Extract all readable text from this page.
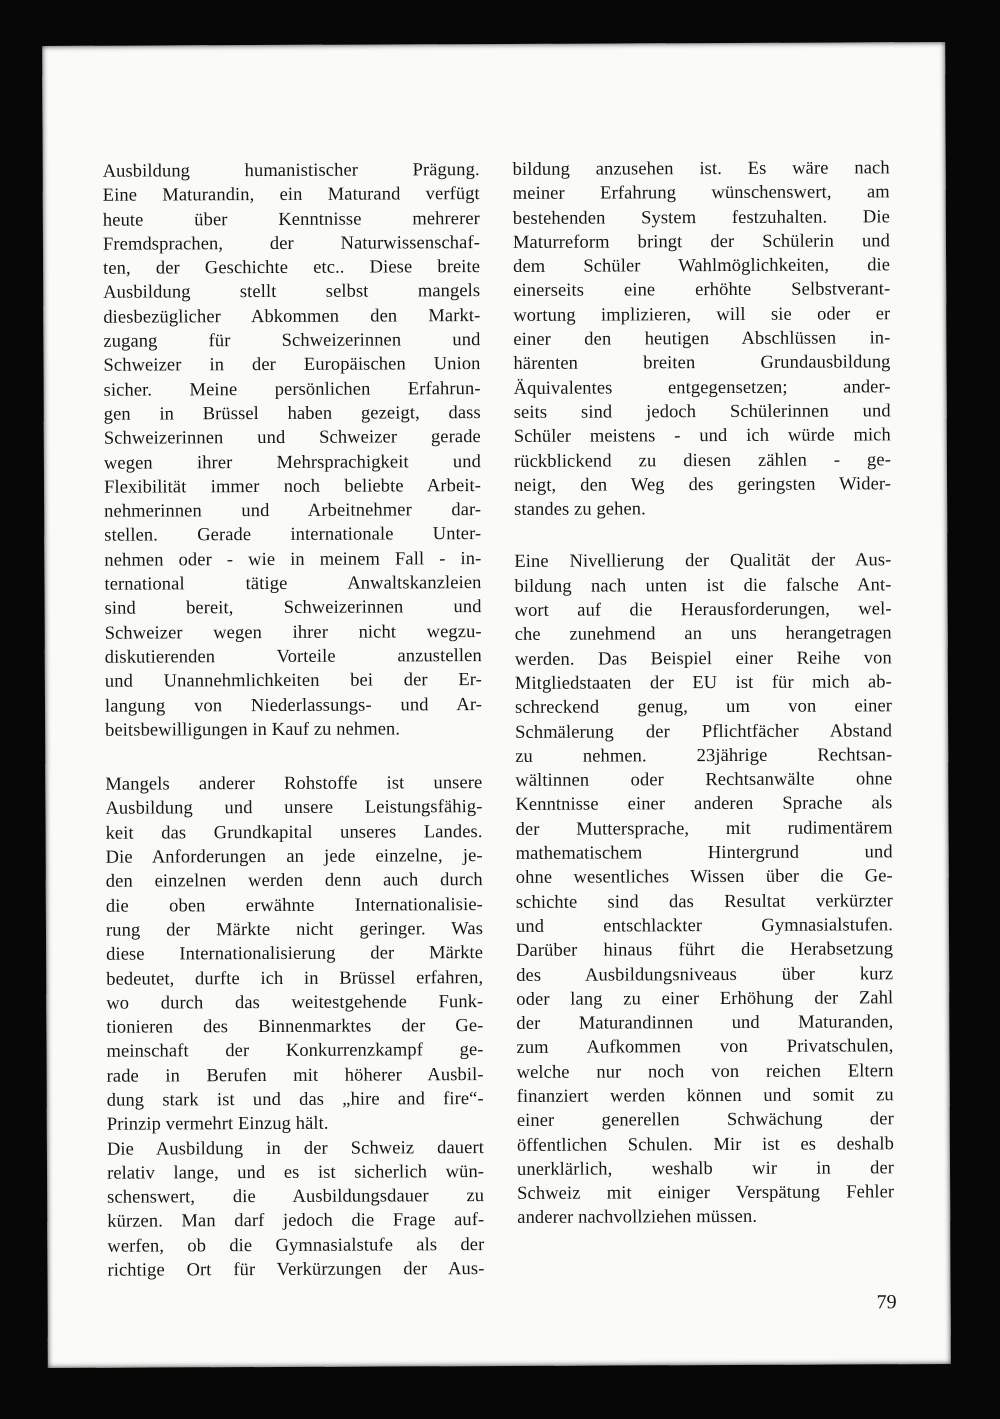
Ausbildung humanistischer Prägung.
Eine Maturandin, ein Maturand verfügt
heute über Kenntnisse mehrerer
Fremdsprachen, der Naturwissenschaf-
ten, der Geschichte etc.. Diese breite
Ausbildung stellt selbst mangels
diesbezüglicher Abkommen den Markt-
zugang für Schweizerinnen und
Schweizer in der Europäischen Union
sicher. Meine persönlichen Erfahrun-
gen in Brüssel haben gezeigt, dass
Schweizerinnen und Schweizer gerade
wegen ihrer Mehrsprachigkeit und
Flexibilität immer noch beliebte Arbeit-
nehmerinnen und Arbeitnehmer dar-
stellen. Gerade internationale Unter-
nehmen oder - wie in meinem Fall - in-
ternational tätige Anwaltskanzleien
sind bereit, Schweizerinnen und
Schweizer wegen ihrer nicht wegzu-
diskutierenden Vorteile anzustellen
und Unannehmlichkeiten bei der Er-
langung von Niederlassungs- und Ar-
beitsbewilligungen in Kauf zu nehmen.
Mangels anderer Rohstoffe ist unsere
Ausbildung und unsere Leistungsfähig-
keit das Grundkapital unseres Landes.
Die Anforderungen an jede einzelne, je-
den einzelnen werden denn auch durch
die oben erwähnte Internationalisie-
rung der Märkte nicht geringer. Was
diese Internationalisierung der Märkte
bedeutet, durfte ich in Brüssel erfahren,
wo durch das weitestgehende Funk-
tionieren des Binnenmarktes der Ge-
meinschaft der Konkurrenzkampf ge-
rade in Berufen mit höherer Ausbil-
dung stark ist und das „hire and fire“-
Prinzip vermehrt Einzug hält.
Die Ausbildung in der Schweiz dauert
relativ lange, und es ist sicherlich wün-
schenswert, die Ausbildungsdauer zu
kürzen. Man darf jedoch die Frage auf-
werfen, ob die Gymnasialstufe als der
richtige Ort für Verkürzungen der Aus-
bildung anzusehen ist. Es wäre nach
meiner Erfahrung wünschenswert, am
bestehenden System festzuhalten. Die
Maturreform bringt der Schülerin und
dem Schüler Wahlmöglichkeiten, die
einerseits eine erhöhte Selbstverant-
wortung implizieren, will sie oder er
einer den heutigen Abschlüssen in-
härenten breiten Grundausbildung
Äquivalentes entgegensetzen; ander-
seits sind jedoch Schülerinnen und
Schüler meistens - und ich würde mich
rückblickend zu diesen zählen - ge-
neigt, den Weg des geringsten Wider-
standes zu gehen.
Eine Nivellierung der Qualität der Aus-
bildung nach unten ist die falsche Ant-
wort auf die Herausforderungen, wel-
che zunehmend an uns herangetragen
werden. Das Beispiel einer Reihe von
Mitgliedstaaten der EU ist für mich ab-
schreckend genug, um von einer
Schmälerung der Pflichtfächer Abstand
zu nehmen. 23jährige Rechtsan-
wältinnen oder Rechtsanwälte ohne
Kenntnisse einer anderen Sprache als
der Muttersprache, mit rudimentärem
mathematischem Hintergrund und
ohne wesentliches Wissen über die Ge-
schichte sind das Resultat verkürzter
und entschlackter Gymnasialstufen.
Darüber hinaus führt die Herabsetzung
des Ausbildungsniveaus über kurz
oder lang zu einer Erhöhung der Zahl
der Maturandinnen und Maturanden,
zum Aufkommen von Privatschulen,
welche nur noch von reichen Eltern
finanziert werden können und somit zu
einer generellen Schwächung der
öffentlichen Schulen. Mir ist es deshalb
unerklärlich, weshalb wir in der
Schweiz mit einiger Verspätung Fehler
anderer nachvollziehen müssen.
79
